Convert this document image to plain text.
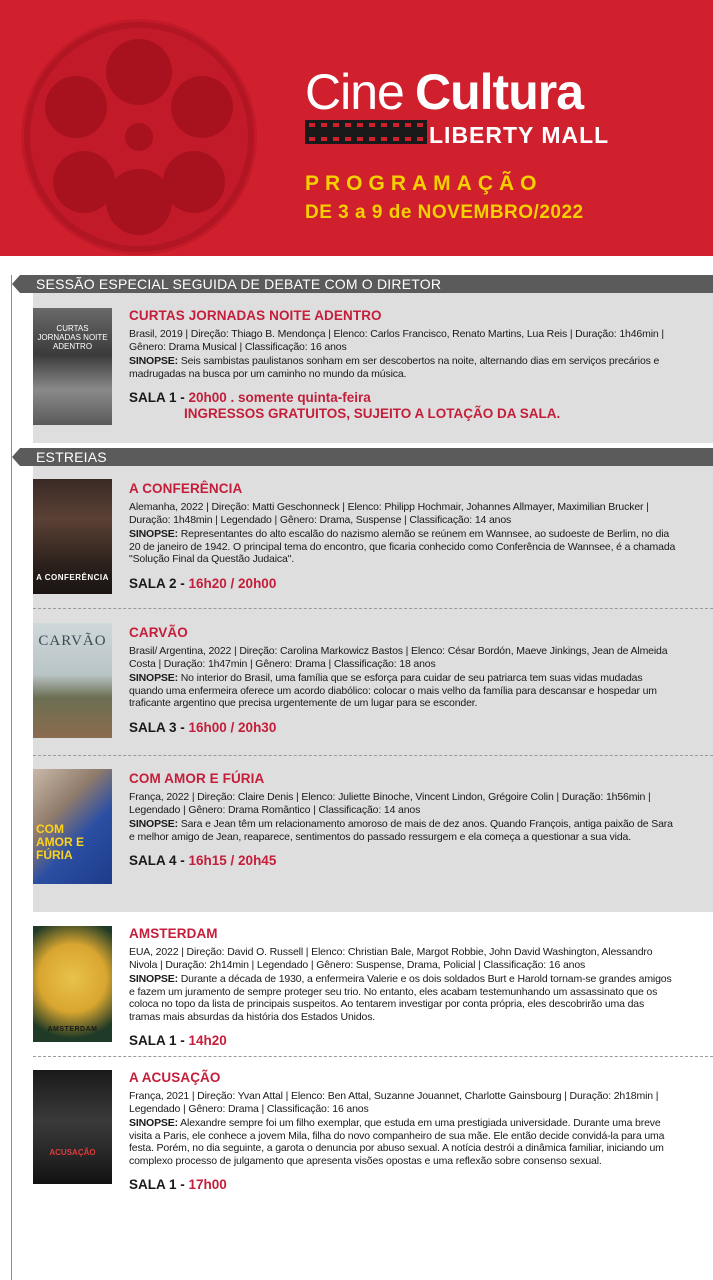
Cine Cultura
LIBERTY MALL
PROGRAMAÇÃO
DE 3 a 9 de NOVEMBRO/2022
SESSÃO ESPECIAL SEGUIDA DE DEBATE COM O DIRETOR
ESTREIAS
CURTAS JORNADAS NOITE ADENTRO
CURTAS JORNADAS NOITE ADENTRO
Brasil, 2019 | Direção: Thiago B. Mendonça | Elenco: Carlos Francisco, Renato Martins, Lua Reis | Duração: 1h46min | Gênero: Drama Musical | Classificação: 16 anos
SINOPSE: Seis sambistas paulistanos sonham em ser descobertos na noite, alternando dias em serviços precários e madrugadas na busca por um caminho no mundo da música.
SALA 1 - 20h00 . somente quinta-feira
INGRESSOS GRATUITOS, SUJEITO A LOTAÇÃO DA SALA.
A CONFERÊNCIA
A CONFERÊNCIA
Alemanha, 2022 | Direção: Matti Geschonneck | Elenco: Philipp Hochmair, Johannes Allmayer, Maximilian Brucker | Duração: 1h48min | Legendado | Gênero: Drama, Suspense | Classificação: 14 anos
SINOPSE: Representantes do alto escalão do nazismo alemão se reúnem em Wannsee, ao sudoeste de Berlim, no dia 20 de janeiro de 1942. O principal tema do encontro, que ficaria conhecido como Conferência de Wannsee, é a chamada "Solução Final da Questão Judaica".
SALA 2 - 16h20 / 20h00
CARVÃO
CARVÃO
Brasil/ Argentina, 2022 | Direção: Carolina Markowicz Bastos | Elenco: César Bordón, Maeve Jinkings, Jean de Almeida Costa | Duração: 1h47min | Gênero: Drama | Classificação: 18 anos
SINOPSE: No interior do Brasil, uma família que se esforça para cuidar de seu patriarca tem suas vidas mudadas quando uma enfermeira oferece um acordo diabólico: colocar o mais velho da família para descansar e hospedar um traficante argentino que precisa urgentemente de um lugar para se esconder.
SALA 3 - 16h00 / 20h30
COM AMOR E FÚRIA
COM AMOR E FÚRIA
França, 2022 | Direção: Claire Denis | Elenco: Juliette Binoche, Vincent Lindon, Grégoire Colin | Duração: 1h56min | Legendado | Gênero: Drama Romântico | Classificação: 14 anos
SINOPSE: Sara e Jean têm um relacionamento amoroso de mais de dez anos. Quando François, antiga paixão de Sara e melhor amigo de Jean, reaparece, sentimentos do passado ressurgem e ela começa a questionar a sua vida.
SALA 4 - 16h15 / 20h45
AMSTERDAM
AMSTERDAM
EUA, 2022 | Direção: David O. Russell | Elenco: Christian Bale, Margot Robbie, John David Washington, Alessandro Nivola | Duração: 2h14min | Legendado | Gênero: Suspense, Drama, Policial | Classificação: 16 anos
SINOPSE: Durante a década de 1930, a enfermeira Valerie e os dois soldados Burt e Harold tornam-se grandes amigos e fazem um juramento de sempre proteger seu trio. No entanto, eles acabam testemunhando um assassinato que os coloca no topo da lista de principais suspeitos. Ao tentarem investigar por conta própria, eles descobrirão uma das tramas mais absurdas da história dos Estados Unidos.
SALA 1 - 14h20
ACUSAÇÃO
A ACUSAÇÃO
França, 2021 | Direção: Yvan Attal | Elenco: Ben Attal, Suzanne Jouannet, Charlotte Gainsbourg | Duração: 2h18min | Legendado | Gênero: Drama | Classificação: 16 anos
SINOPSE: Alexandre sempre foi um filho exemplar, que estuda em uma prestigiada universidade. Durante uma breve visita a Paris, ele conhece a jovem Mila, filha do novo companheiro de sua mãe. Ele então decide convidá-la para uma festa. Porém, no dia seguinte, a garota o denuncia por abuso sexual. A notícia destrói a dinâmica familiar, iniciando um complexo processo de julgamento que apresenta visões opostas e uma reflexão sobre consenso sexual.
SALA 1 - 17h00
